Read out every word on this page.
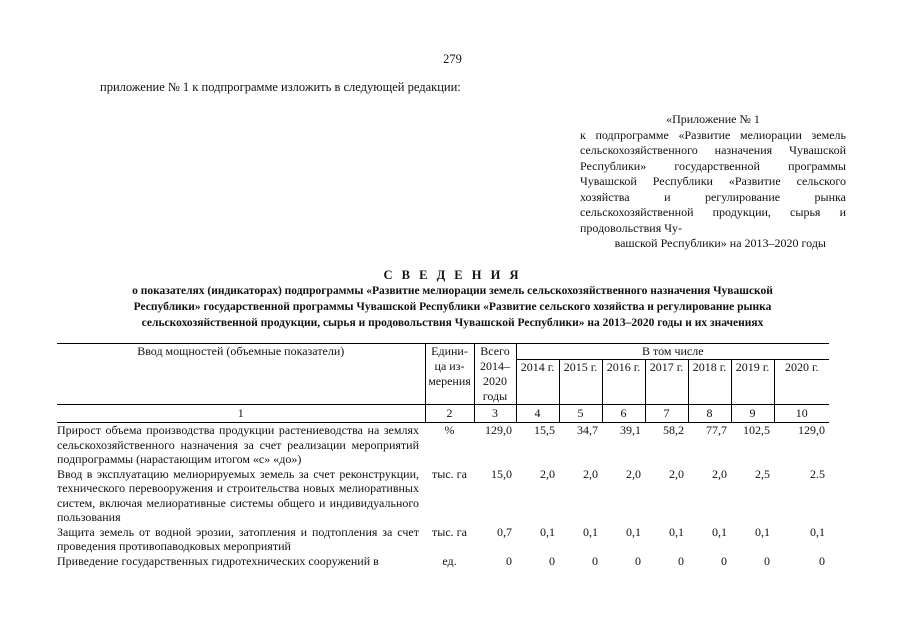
279
приложение № 1 к подпрограмме изложить в следующей редакции:
«Приложение № 1
к подпрограмме «Развитие мелиорации земель сельскохозяйственного назначения Чувашской Республики» государственной программы Чувашской Республики «Развитие сельского хозяйства и регулирование рынка сельскохозяйственной продукции, сырья и продовольствия Чу-
вашской Республики» на 2013–2020 годы
С В Е Д Е Н И Я
о показателях (индикаторах) подпрограммы «Развитие мелиорации земель сельскохозяйственного назначения Чувашской
Республики» государственной программы Чувашской Республики «Развитие сельского хозяйства и регулирование рынка
сельскохозяйственной продукции, сырья и продовольствия Чувашской Республики» на 2013–2020 годы и их значениях
Ввод мощностей (объемные показатели)	Едини-ца из-мерения	Всего 2014–2020 годы	В том числе						
			2014 г.	2015 г.	2016 г.	2017 г.	2018 г.	2019 г.	2020 г.
1	2	3	4	5	6	7	8	9	10
Прирост объема производства продукции растениеводства на землях сельскохозяйственного назначения за счет реализации мероприятий подпрограммы (нарастающим итогом «с» «до»)	%	129,0	15,5	34,7	39,1	58,2	77,7	102,5	129,0
Ввод в эксплуатацию мелиорируемых земель за счет реконструкции, технического перевооружения и строительства новых мелиоративных систем, включая мелиоративные системы общего и индивидуального пользования	тыс. га	15,0	2,0	2,0	2,0	2,0	2,0	2,5	2.5
Защита земель от водной эрозии, затопления и подтопления за счет проведения противопаводковых мероприятий	тыс. га	0,7	0,1	0,1	0,1	0,1	0,1	0,1	0,1
Приведение государственных гидротехнических сооружений в	ед.	0	0	0	0	0	0	0	0
